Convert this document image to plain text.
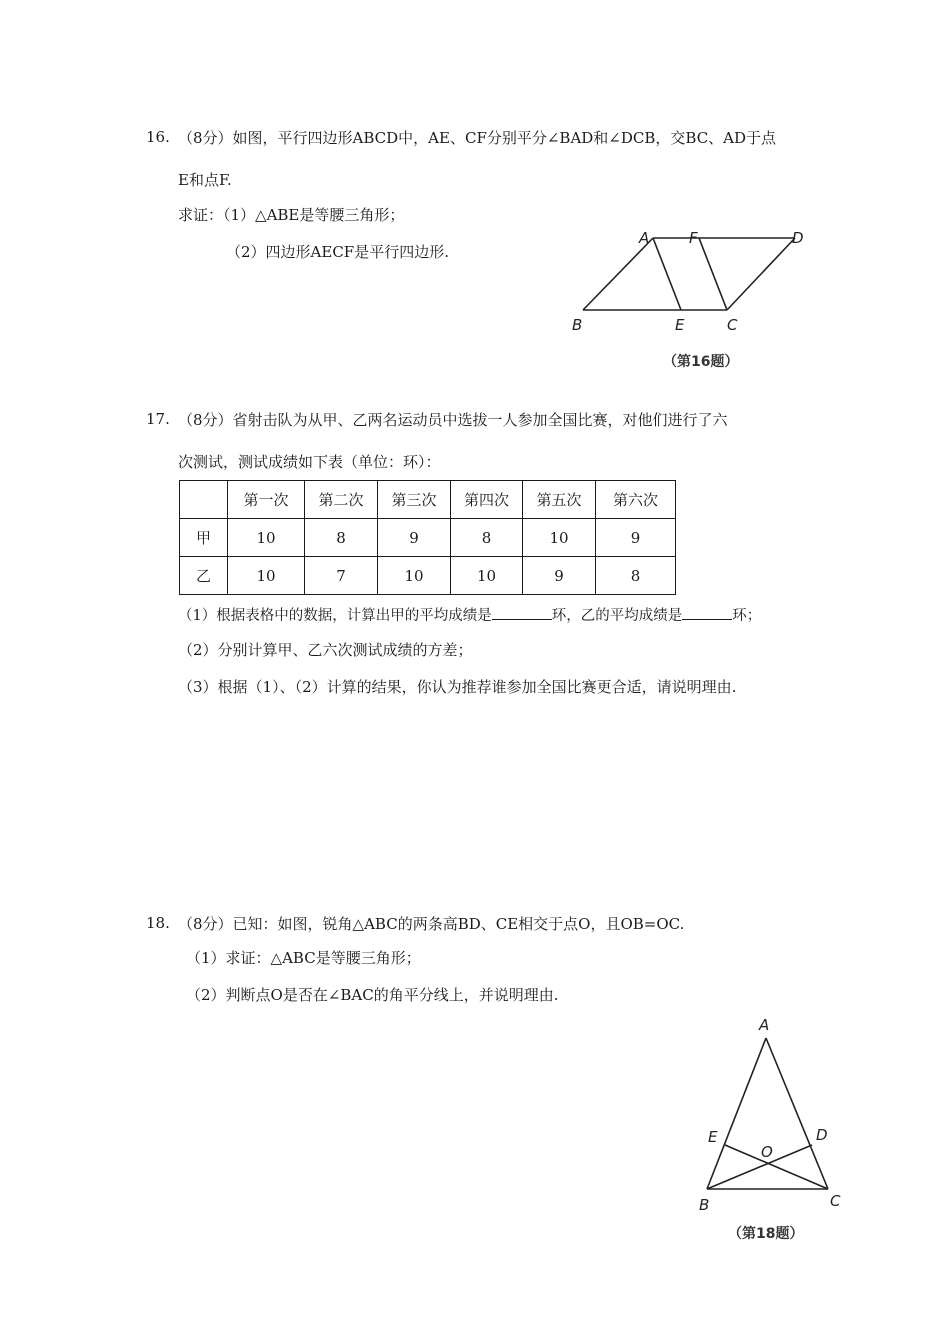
16. （8分）如图，平行四边形ABCD中，AE、CF分别平分∠BAD和∠DCB，交BC、AD于点
E和点F.
求证：（1）△ABE是等腰三角形；
（2）四边形AECF是平行四边形.
A	F	D
B	E	C
（第16题）
17. （8分）省射击队为从甲、乙两名运动员中选拔一人参加全国比赛，对他们进行了六
次测试，测试成绩如下表（单位：环）：
	第一次	第二次	第三次	第四次	第五次	第六次
甲	10	8	9	8	10	9
乙	10	7	10	10	9	8
（1）根据表格中的数据，计算出甲的平均成绩是	环，乙的平均成绩是	环；
（2）分别计算甲、乙六次测试成绩的方差；
（3）根据（1）、（2）计算的结果，你认为推荐谁参加全国比赛更合适，请说明理由.
18. （8分）已知：如图，锐角△ABC的两条高BD、CE相交于点O，且OB=OC.
（1）求证：△ABC是等腰三角形；
（2）判断点O是否在∠BAC的角平分线上，并说明理由.
A
E	D
O
B	C
（第18题）
